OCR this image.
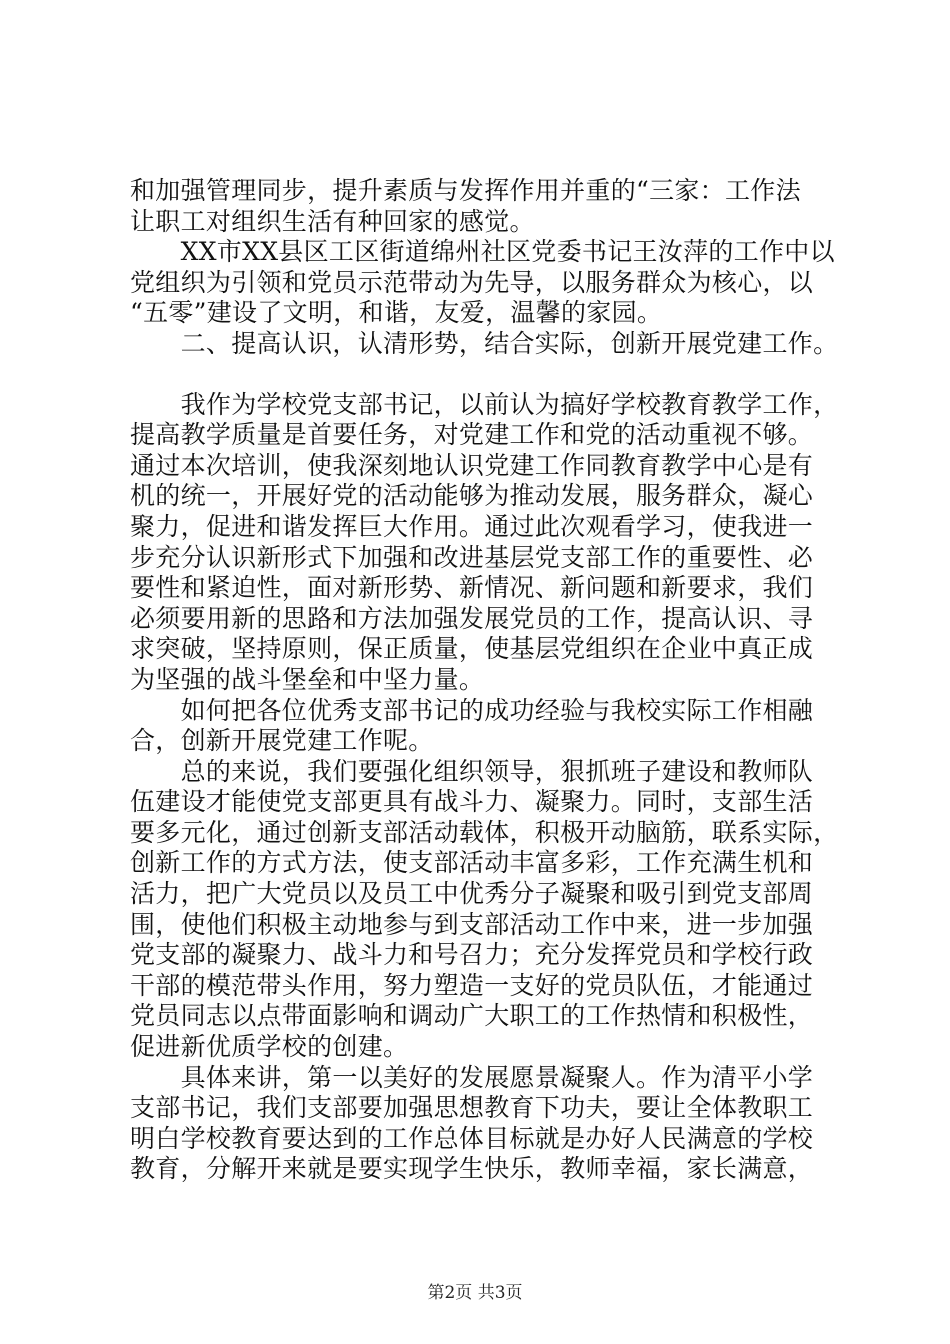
和加强管理同步，提升素质与发挥作用并重的“三家：工作法
让职工对组织生活有种回家的感觉。
　　XX市XX县区工区街道绵州社区党委书记王汝萍的工作中以
党组织为引领和党员示范带动为先导，以服务群众为核心，以
“五零”建设了文明，和谐，友爱，温馨的家园。
　　二、提高认识，认清形势，结合实际，创新开展党建工作。
　　我作为学校党支部书记，以前认为搞好学校教育教学工作，
提高教学质量是首要任务，对党建工作和党的活动重视不够。
通过本次培训，使我深刻地认识党建工作同教育教学中心是有
机的统一，开展好党的活动能够为推动发展，服务群众，凝心
聚力，促进和谐发挥巨大作用。通过此次观看学习，使我进一
步充分认识新形式下加强和改进基层党支部工作的重要性、必
要性和紧迫性，面对新形势、新情况、新问题和新要求，我们
必须要用新的思路和方法加强发展党员的工作，提高认识、寻
求突破，坚持原则，保正质量，使基层党组织在企业中真正成
为坚强的战斗堡垒和中坚力量。
　　如何把各位优秀支部书记的成功经验与我校实际工作相融
合，创新开展党建工作呢。
　　总的来说，我们要强化组织领导，狠抓班子建设和教师队
伍建设才能使党支部更具有战斗力、凝聚力。同时，支部生活
要多元化，通过创新支部活动载体，积极开动脑筋，联系实际，
创新工作的方式方法，使支部活动丰富多彩，工作充满生机和
活力，把广大党员以及员工中优秀分子凝聚和吸引到党支部周
围，使他们积极主动地参与到支部活动工作中来，进一步加强
党支部的凝聚力、战斗力和号召力；充分发挥党员和学校行政
干部的模范带头作用，努力塑造一支好的党员队伍，才能通过
党员同志以点带面影响和调动广大职工的工作热情和积极性，
促进新优质学校的创建。
　　具体来讲，第一以美好的发展愿景凝聚人。作为清平小学
支部书记，我们支部要加强思想教育下功夫，要让全体教职工
明白学校教育要达到的工作总体目标就是办好人民满意的学校
教育，分解开来就是要实现学生快乐，教师幸福，家长满意，
第2页 共3页
